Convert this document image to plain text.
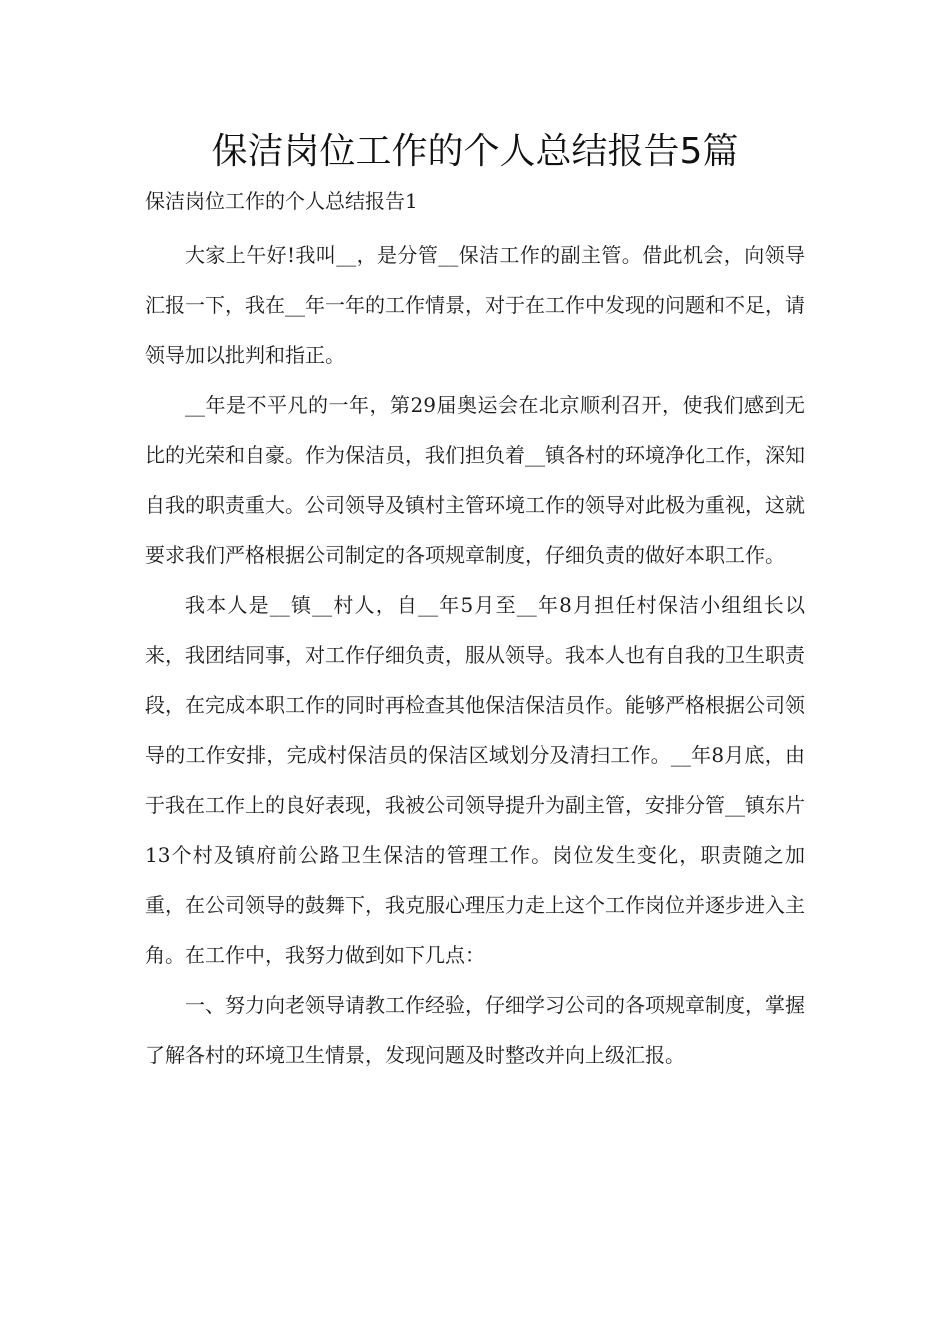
保洁岗位工作的个人总结报告5篇
保洁岗位工作的个人总结报告1

大家上午好!我叫__，是分管__保洁工作的副主管。借此机会，向领导汇报一下，我在__年一年的工作情景，对于在工作中发现的问题和不足，请领导加以批判和指正。

__年是不平凡的一年，第29届奥运会在北京顺利召开，使我们感到无比的光荣和自豪。作为保洁员，我们担负着__镇各村的环境净化工作，深知自我的职责重大。公司领导及镇村主管环境工作的领导对此极为重视，这就要求我们严格根据公司制定的各项规章制度，仔细负责的做好本职工作。

我本人是__镇__村人，自__年5月至__年8月担任村保洁小组组长以来，我团结同事，对工作仔细负责，服从领导。我本人也有自我的卫生职责段，在完成本职工作的同时再检查其他保洁保洁员作。能够严格根据公司领导的工作安排，完成村保洁员的保洁区域划分及清扫工作。__年8月底，由于我在工作上的良好表现，我被公司领导提升为副主管，安排分管__镇东片13个村及镇府前公路卫生保洁的管理工作。岗位发生变化，职责随之加重，在公司领导的鼓舞下，我克服心理压力走上这个工作岗位并逐步进入主角。在工作中，我努力做到如下几点：

一、努力向老领导请教工作经验，仔细学习公司的各项规章制度，掌握了解各村的环境卫生情景，发现问题及时整改并向上级汇报。
